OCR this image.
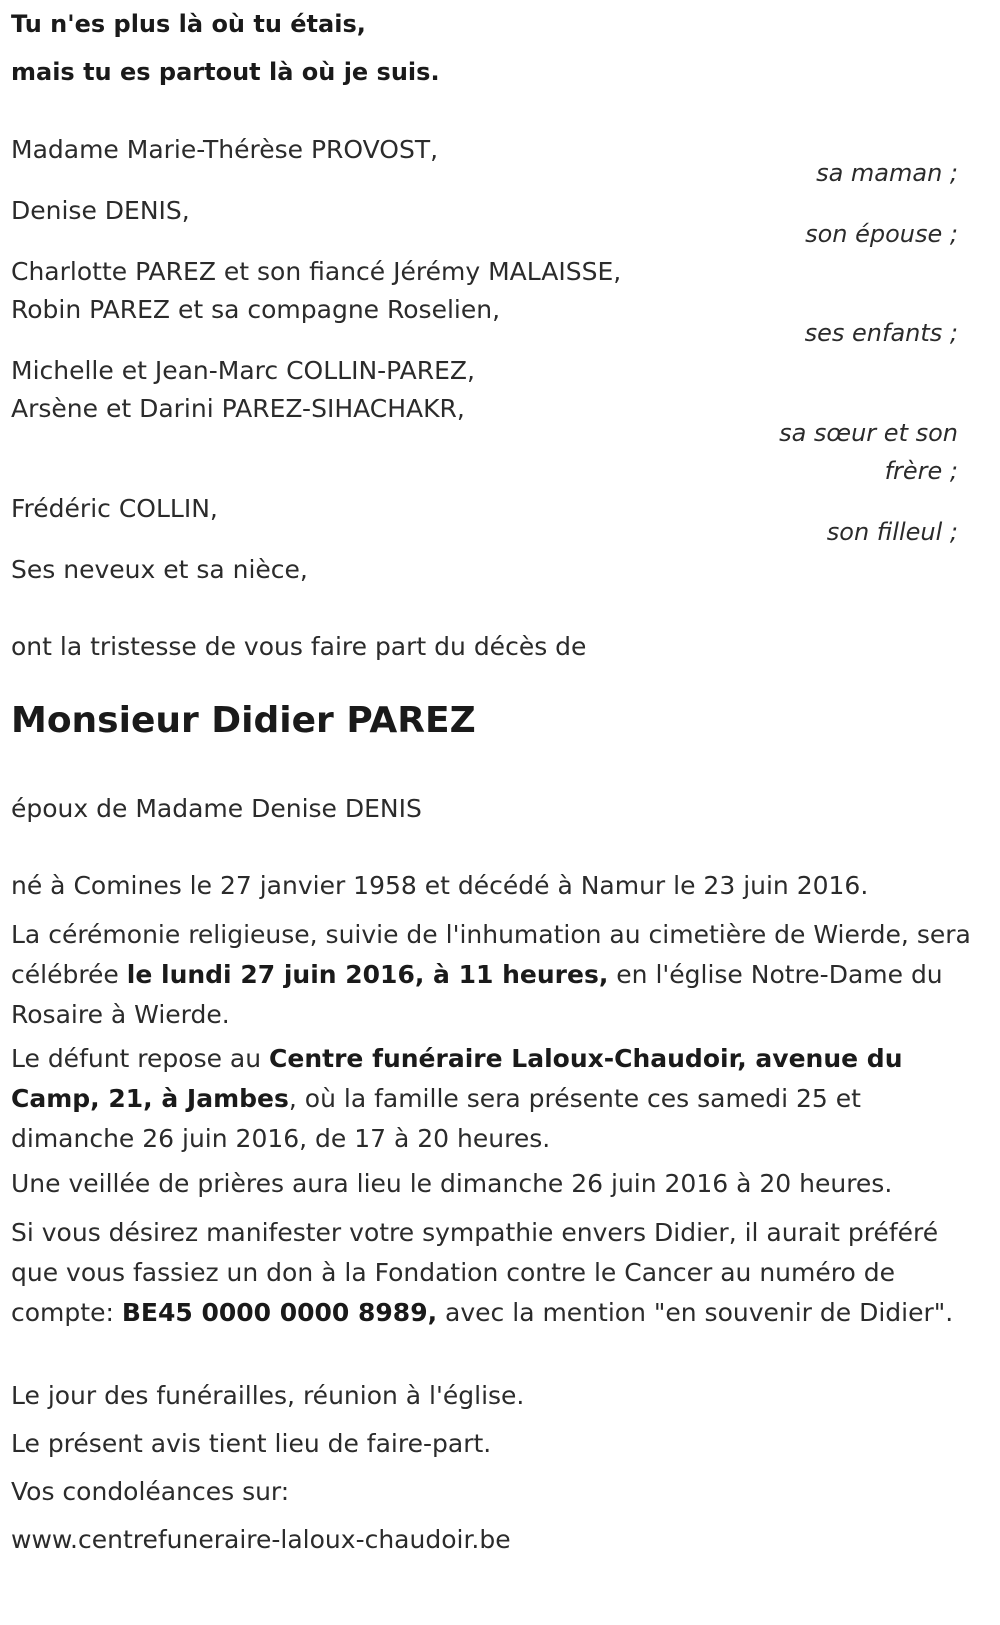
Tu n'es plus là où tu étais,
mais tu es partout là où je suis.
Madame Marie-Thérèse PROVOST,
Denise DENIS,
Charlotte PAREZ et son fiancé Jérémy MALAISSE,
Robin PAREZ et sa compagne Roselien,
Michelle et Jean-Marc COLLIN-PAREZ,
Arsène et Darini PAREZ-SIHACHAKR,
Frédéric COLLIN,
Ses neveux et sa nièce,
sa maman ;
son épouse ;
ses enfants ;
sa sœur et son
frère ;
son filleul ;
ont la tristesse de vous faire part du décès de
Monsieur Didier PAREZ
époux de Madame Denise DENIS
né à Comines le 27 janvier 1958 et décédé à Namur le 23 juin 2016.
La cérémonie religieuse, suivie de l'inhumation au cimetière de Wierde, sera célébrée le lundi 27 juin 2016, à 11 heures, en l'église Notre-Dame du Rosaire à Wierde.
Le défunt repose au Centre funéraire Laloux-Chaudoir, avenue du Camp, 21, à Jambes, où la famille sera présente ces samedi 25 et dimanche 26 juin 2016, de 17 à 20 heures.
Une veillée de prières aura lieu le dimanche 26 juin 2016 à 20 heures.
Si vous désirez manifester votre sympathie envers Didier, il aurait préféré que vous fassiez un don à la Fondation contre le Cancer au numéro de compte: BE45 0000 0000 8989, avec la mention "en souvenir de Didier".
Le jour des funérailles, réunion à l'église.
Le présent avis tient lieu de faire-part.
Vos condoléances sur:
www.centrefuneraire-laloux-chaudoir.be
